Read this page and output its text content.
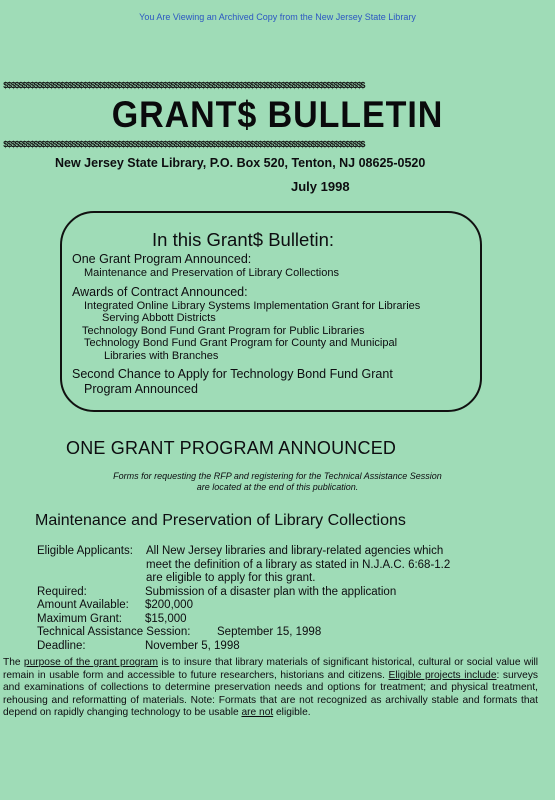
You Are Viewing an Archived Copy from the New Jersey State Library
$$$$$$$$$$$$$$$$$$$$$$$$$$$$$$$$$$$$$$$$$$$$$$$$$$$$$$$$$$$$$$$$$$$$$$$$$$$$$$$$$$$$$$$$$$$$$$$
GRANT$ BULLETIN
$$$$$$$$$$$$$$$$$$$$$$$$$$$$$$$$$$$$$$$$$$$$$$$$$$$$$$$$$$$$$$$$$$$$$$$$$$$$$$$$$$$$$$$$$$$$$$$
New Jersey State Library, P.O. Box 520, Tenton, NJ 08625-0520
July 1998
In this Grant$ Bulletin:
One Grant Program Announced:
Maintenance and Preservation of Library Collections
Awards of Contract Announced:
Integrated Online Library Systems Implementation Grant for Libraries
Serving Abbott Districts
Technology Bond Fund Grant Program for Public Libraries
Technology Bond Fund Grant Program for County and Municipal
Libraries with Branches
Second Chance to Apply for Technology Bond Fund Grant
Program Announced
ONE GRANT PROGRAM ANNOUNCED
Forms for requesting the RFP and registering for the Technical Assistance Session
are located at the end of this publication.
Maintenance and Preservation of Library Collections
Eligible Applicants: All New Jersey libraries and library-related agencies which
meet the definition of a library as stated in N.J.A.C. 6:68-1.2
are eligible to apply for this grant.
Required:	Submission of a disaster plan with the application
Amount Available: $200,000
Maximum Grant: $15,000
Technical Assistance Session: September 15, 1998
Deadline:	November 5, 1998
The purpose of the grant program is to insure that library materials of significant historical, cultural or social value will remain in usable form and accessible to future researchers, historians and citizens. Eligible projects include: surveys and examinations of collections to determine preservation needs and options for treatment; and physical treatment, rehousing and reformatting of materials. Note: Formats that are not recognized as archivally stable and formats that depend on rapidly changing technology to be usable are not eligible.
